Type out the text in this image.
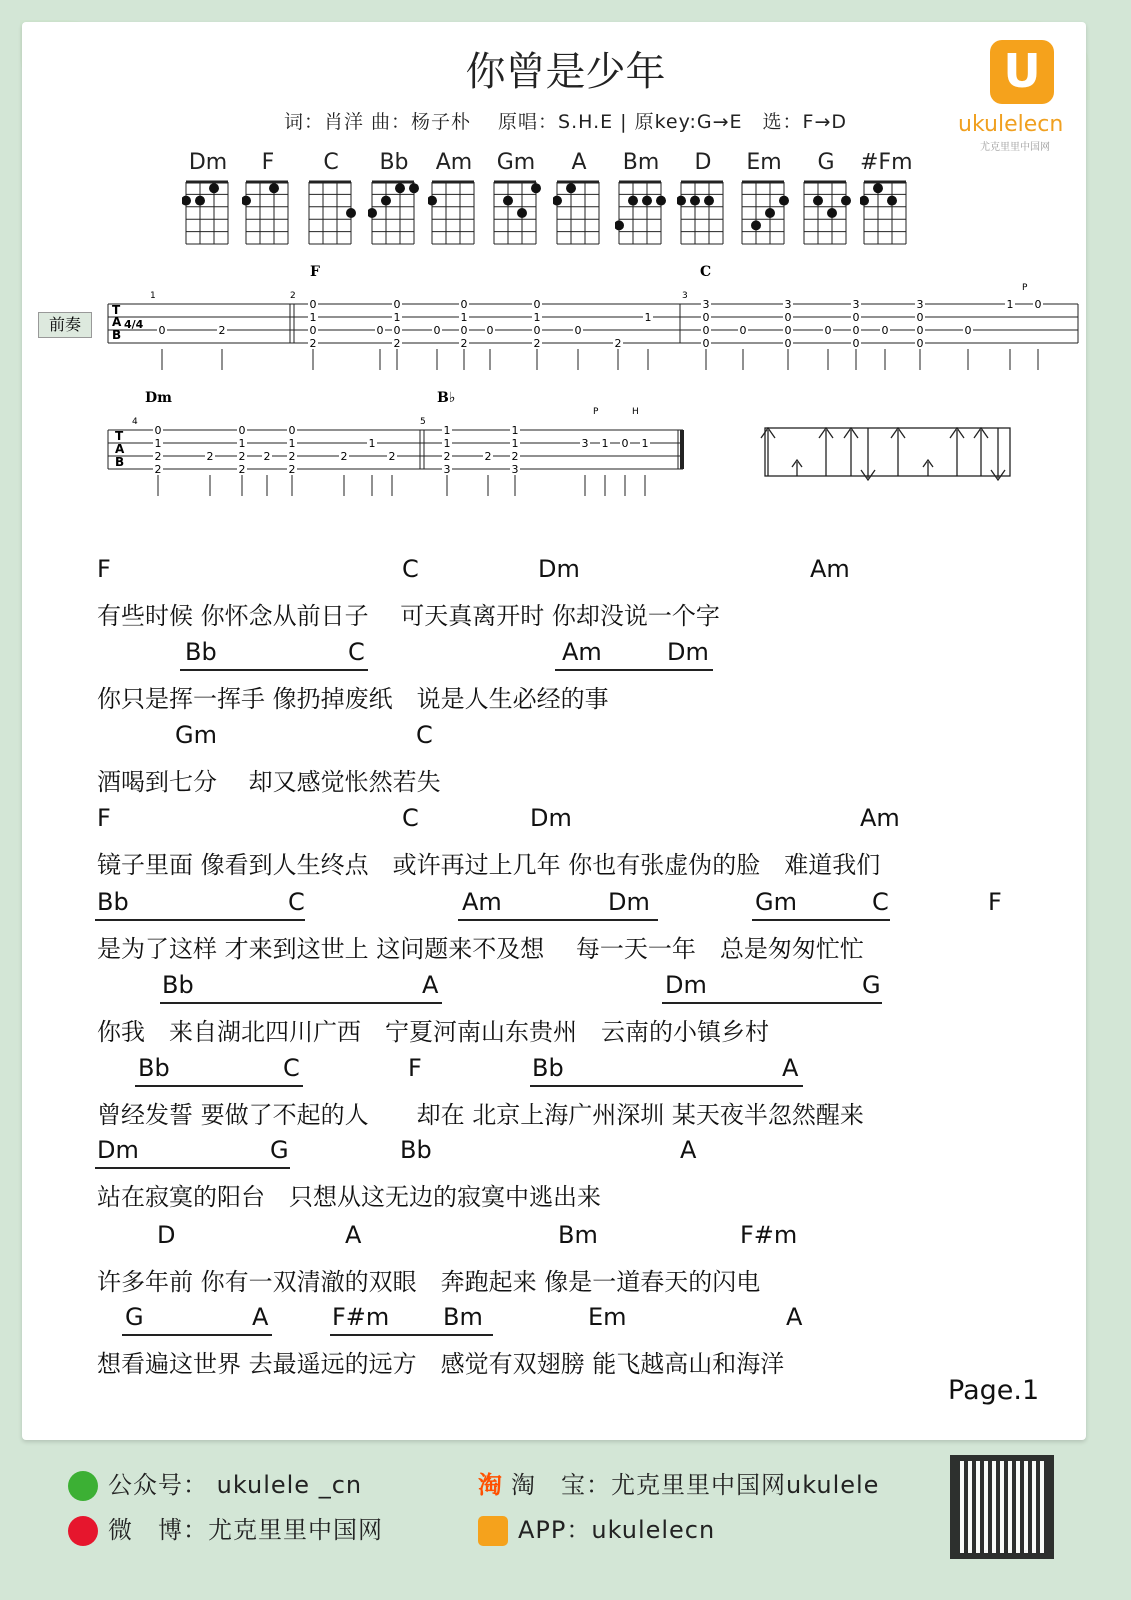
你曾是少年
词：肖洋 曲：杨子朴　 原唱：S.H.E | 原key:G→E　选：F→D
U
ukulelecn
尤克里里中国网
Dm	F	C	Bb	Am	Gm	A	Bm	D	Em	G	#Fm
前奏
F	C
Dm	B♭
1	2	3
4	5
P
P	H
T
A
B
4/4
T
A
B
0	2
0
1
0
2
0
0
1
0
2
0
0
1
0
2
0
0
1
0
2
0
2
1
3
0
0
0
0
3
0
0
0
0
3
0
0
0
0
3
0
0
0
0
1 0
0
1
2
2
2
0
1
2
2
2
0
1
2
2
2
1
2
1
1
2
3
2
1
1
2
3
3 1 0 1
F	C	Dm	Am
有些时候 你怀念从前日子　 可天真离开时 你却没说一个字
Bb	C	Am	Dm
你只是挥一挥手 像扔掉废纸　说是人生必经的事
Gm	C
酒喝到七分　 却又感觉怅然若失
F	C	Dm	Am
镜子里面 像看到人生终点　或许再过上几年 你也有张虚伪的脸　难道我们
Bb	C	Am	Dm	Gm	C	F
是为了这样 才来到这世上 这问题来不及想　 每一天一年　总是匆匆忙忙
Bb	A	Dm	G
你我　来自湖北四川广西　宁夏河南山东贵州　云南的小镇乡村
Bb	C	F	Bb	A
曾经发誓 要做了不起的人　　却在 北京上海广州深圳 某天夜半忽然醒来
Dm	G	Bb	A
站在寂寞的阳台　只想从这无边的寂寞中逃出来
D	A	Bm	F#m
许多年前 你有一双清澈的双眼　奔跑起来 像是一道春天的闪电
G	A	F#m Bm	Em	A
想看遍这世界 去最遥远的远方　感觉有双翅膀 能飞越高山和海洋
Page.1
公众号： ukulele _cn
微　博：尤克里里中国网
淘 淘　宝：尤克里里中国网ukulele
APP：ukulelecn
